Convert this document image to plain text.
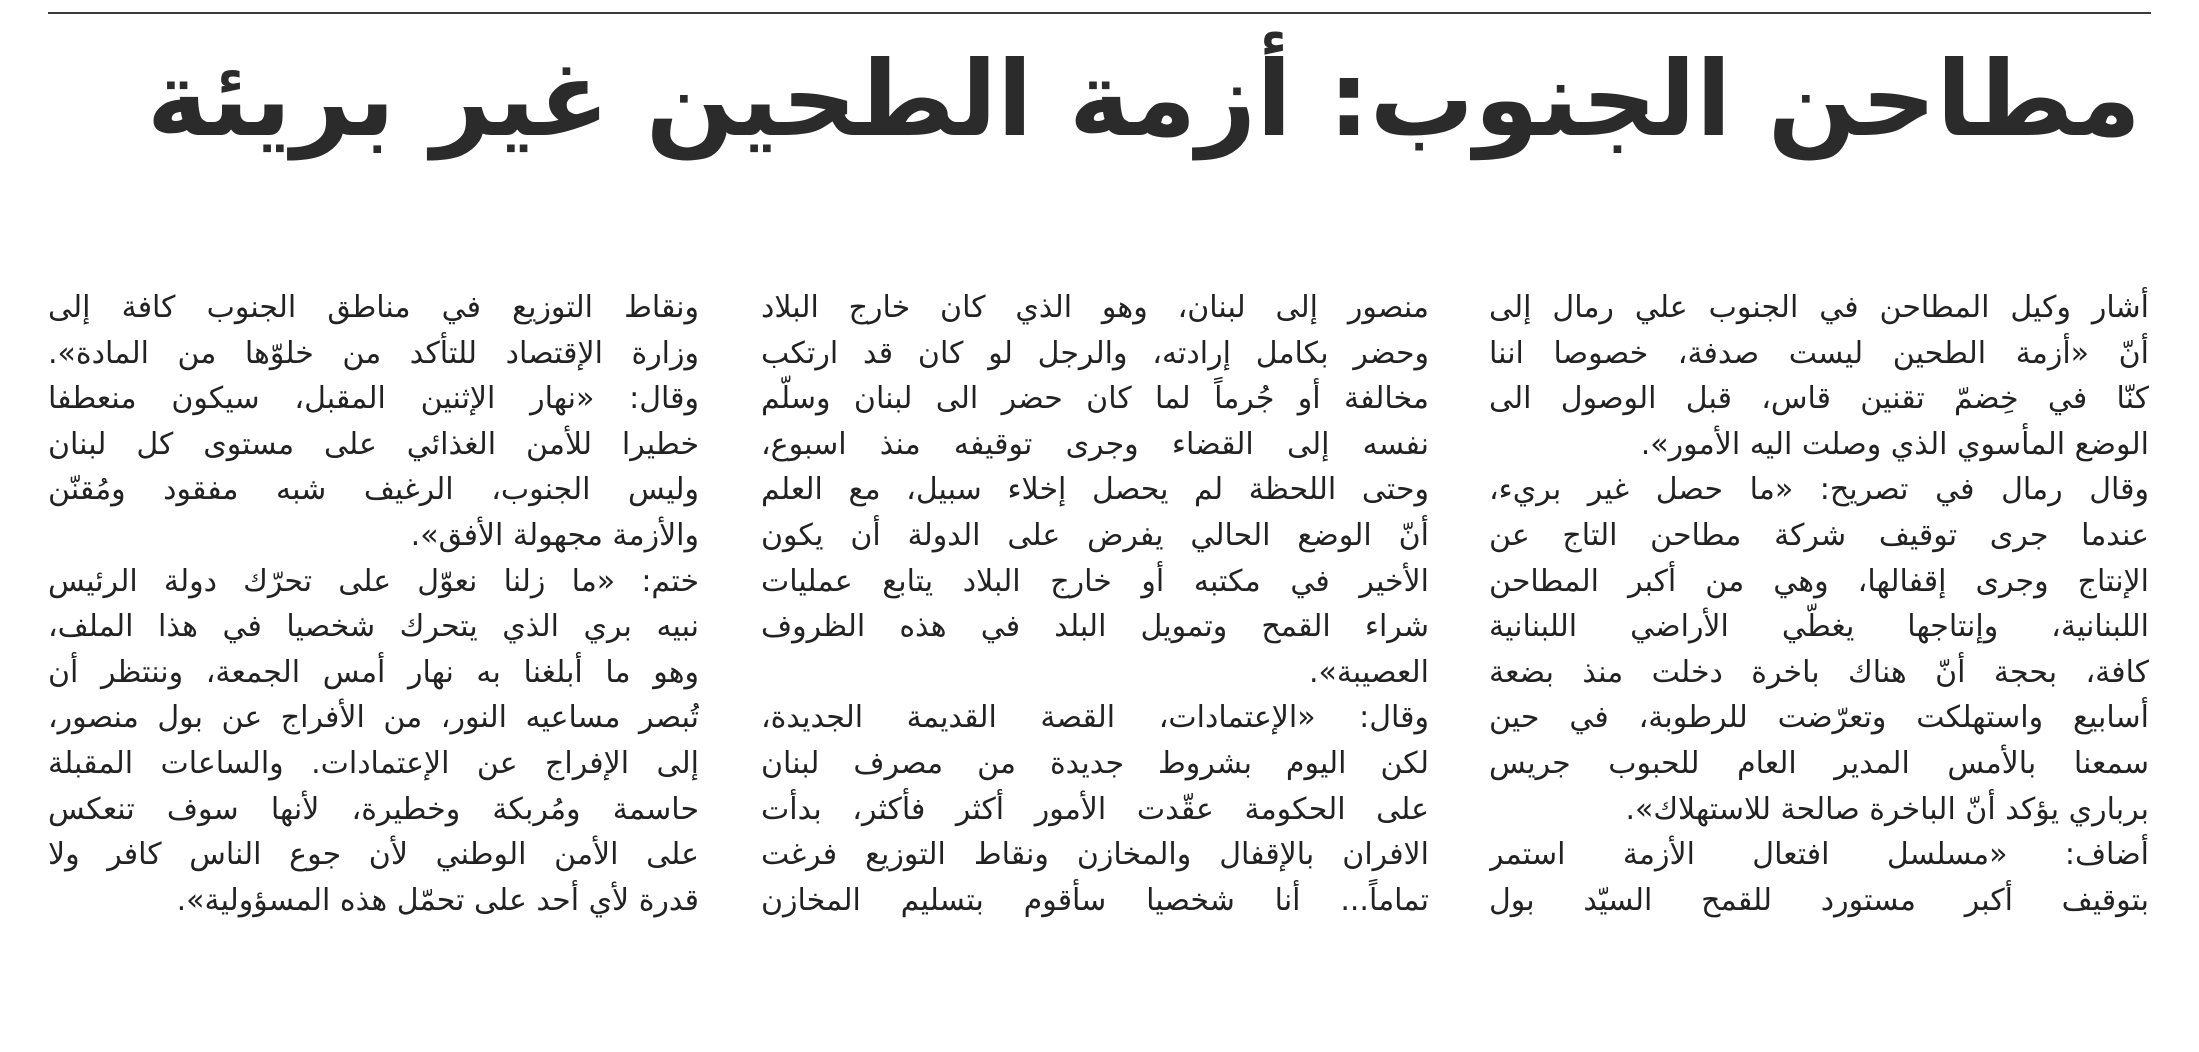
مطاحن الجنوب: أزمة الطحين غير بريئة
أشار وكيل المطاحن في الجنوب علي رمال إلى
أنّ «أزمة الطحين ليست صدفة، خصوصا اننا
كنّا في خِضمّ تقنين قاس، قبل الوصول الى
الوضع المأسوي الذي وصلت اليه الأمور».
وقال رمال في تصريح: «ما حصل غير بريء،
عندما جرى توقيف شركة مطاحن التاج عن
الإنتاج وجرى إقفالها، وهي من أكبر المطاحن
اللبنانية، وإنتاجها يغطّي الأراضي اللبنانية
كافة، بحجة أنّ هناك باخرة دخلت منذ بضعة
أسابيع واستهلكت وتعرّضت للرطوبة، في حين
سمعنا بالأمس المدير العام للحبوب جريس
برباري يؤكد أنّ الباخرة صالحة للاستهلاك».
أضاف: «مسلسل افتعال الأزمة استمر
بتوقيف أكبر مستورد للقمح السيّد بول
منصور إلى لبنان، وهو الذي كان خارج البلاد
وحضر بكامل إرادته، والرجل لو كان قد ارتكب
مخالفة أو جُرماً لما كان حضر الى لبنان وسلّم
نفسه إلى القضاء وجرى توقيفه منذ اسبوع،
وحتى اللحظة لم يحصل إخلاء سبيل، مع العلم
أنّ الوضع الحالي يفرض على الدولة أن يكون
الأخير في مكتبه أو خارج البلاد يتابع عمليات
شراء القمح وتمويل البلد في هذه الظروف
العصيبة».
وقال: «الإعتمادات، القصة القديمة الجديدة،
لكن اليوم بشروط جديدة من مصرف لبنان
على الحكومة عقّدت الأمور أكثر فأكثر، بدأت
الافران بالإقفال والمخازن ونقاط التوزيع فرغت
تماماً... أنا شخصيا سأقوم بتسليم المخازن
ونقاط التوزيع في مناطق الجنوب كافة إلى
وزارة الإقتصاد للتأكد من خلوّها من المادة».
وقال: «نهار الإثنين المقبل، سيكون منعطفا
خطيرا للأمن الغذائي على مستوى كل لبنان
وليس الجنوب، الرغيف شبه مفقود ومُقنّن
والأزمة مجهولة الأفق».
ختم: «ما زلنا نعوّل على تحرّك دولة الرئيس
نبيه بري الذي يتحرك شخصيا في هذا الملف،
وهو ما أبلغنا به نهار أمس الجمعة، وننتظر أن
تُبصر مساعيه النور، من الأفراج عن بول منصور،
إلى الإفراج عن الإعتمادات. والساعات المقبلة
حاسمة ومُربكة وخطيرة، لأنها سوف تنعكس
على الأمن الوطني لأن جوع الناس كافر ولا
قدرة لأي أحد على تحمّل هذه المسؤولية».
